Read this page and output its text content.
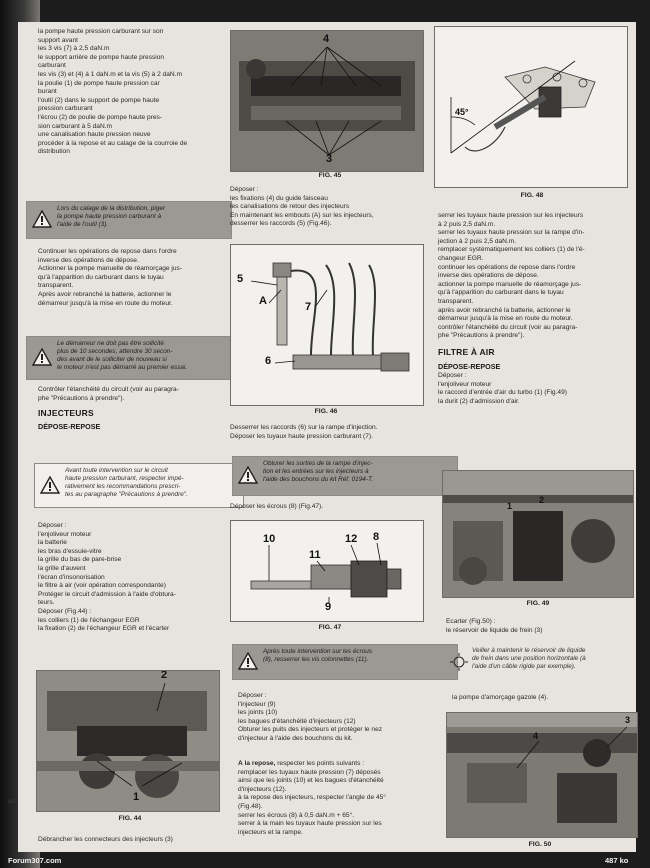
la pompe haute pression carburant sur son

support avant

les 3 vis (7) à 2,5 daN.m

le support arrière de pompe haute pression

carburant

les vis (3) et (4) à 1 daN.m et la vis (5) à 2 daN.m

la poulie (1) de pompe haute pression car

burant

l'outil (2) dans le support de pompe haute

pression carburant

l'écrou (2) de poulie de pompe haute pres-

sion carburant à 5 daN.m

une canalisation haute pression neuve

procéder à la repose et au calage de la courroie de

distribution

Lors du calage de la distribution, piger

la pompe haute pression carburant à

l'aide de l'outil (3).

Continuer les opérations de repose dans l'ordre

inverse des opérations de dépose.

Actionner la pompe manuelle de réamorçage jus-

qu'à l'apparition du carburant dans le tuyau

transparent.

Après avoir rebranché la batterie, actionner le

démarreur jusqu'à la mise en route du moteur.

Le démarreur ne doit pas être sollicité

plus de 10 secondes, attendre 30 secon-

des avant de le solliciter de nouveau si

le moteur n'est pas démarré au premier essai.

Contrôler l'étanchéité du circuit (voir au paragra-

phe "Précautions à prendre").

INJECTEURS

DÉPOSE-REPOSE

Avant toute intervention sur le circuit

haute pression carburant, respecter impé-

rativement les recommandations prescri-

tes au paragraphe "Précautions à prendre".

Déposer :

l'enjoliveur moteur

la batterie

les bras d'essuie-vitre

la grille du bas de pare-brise

la grille d'auvent

l'écran d'insonorisation

le filtre à air (voir opération correspondante)

Protéger le circuit d'admission à l'aide d'obtura-

teurs.

Déposer (Fig.44) :

les colliers (1) de l'échangeur EGR

la fixation (2) de l'échangeur EGR et l'écarter

2
1
FIG. 44

Débrancher les connecteurs des injecteurs (3)

un
4
3
FIG. 45

Déposer :

les fixations (4) du guide faisceau

les canalisations de retour des injecteurs

En maintenant les embouts (A) sur les injecteurs,

desserrer les raccords (5) (Fig.46).

5
A	7
6
FIG. 46

Desserrer les raccords (6) sur la rampe d'injection.

Déposer les tuyaux haute pression carburant (7).

Obturer les sorties de la rampe d'injec-

tion et les entrées sur les injecteurs à

l'aide des bouchons du kit Réf. 0194-T.

Déposer les écrous (8) (Fig.47).

10
11
12 8
9
FIG. 47

Après toute intervention sur les écrous

(8), resserrer les vis colonnettes (11).

Déposer :

l'injecteur (9)

les joints (10)

les bagues d'étanchéité d'injecteurs (12)

Obturer les puits des injecteurs et protéger le nez

d'injecteur à l'aide des bouchons du kit.

À la repose, respecter les points suivants :

remplacer les tuyaux haute pression (7) déposés

ainsi que les joints (10) et les bagues d'étanchéité

d'injecteurs (12).

à la repose des injecteurs, respecter l'angle de 45°

(Fig.48).

serrer les écrous (8) à 0,5 daN.m + 65°.

serrer à la main les tuyaux haute pression sur les

injecteurs et la rampe.

45°
FIG. 48

serrer les tuyaux haute pression sur les injecteurs

à 2 puis 2,5 daN.m.

serrer les tuyaux haute pression sur la rampe d'in-

jection à 2 puis 2,5 daN.m.

remplacer systématiquement les colliers (1) de l'é-

changeur EGR.

continuer les opérations de repose dans l'ordre

inverse des opérations de dépose.

actionner la pompe manuelle de réamorçage jus-

qu'à l'apparition du carburant dans le tuyau

transparent.

après avoir rebranché la batterie, actionner le

démarreur jusqu'à la mise en route du moteur.

contrôler l'étanchéité du circuit (voir au paragra-

phe "Précautions à prendre").

FILTRE À AIR

DÉPOSE-REPOSE

Déposer :

l'enjoliveur moteur

le raccord d'entrée d'air du turbo (1) (Fig.49)

la durit (2) d'admission d'air.

1
2
FIG. 49

Écarter (Fig.50) :

le réservoir de liquide de frein (3)

Veiller à maintenir le réservoir de liquide

de frein dans une position horizontale (à

l'aide d'un câble rigide par exemple).

la pompe d'amorçage gazole (4).

4
3
FIG. 50
Forum307.com	487 ko
